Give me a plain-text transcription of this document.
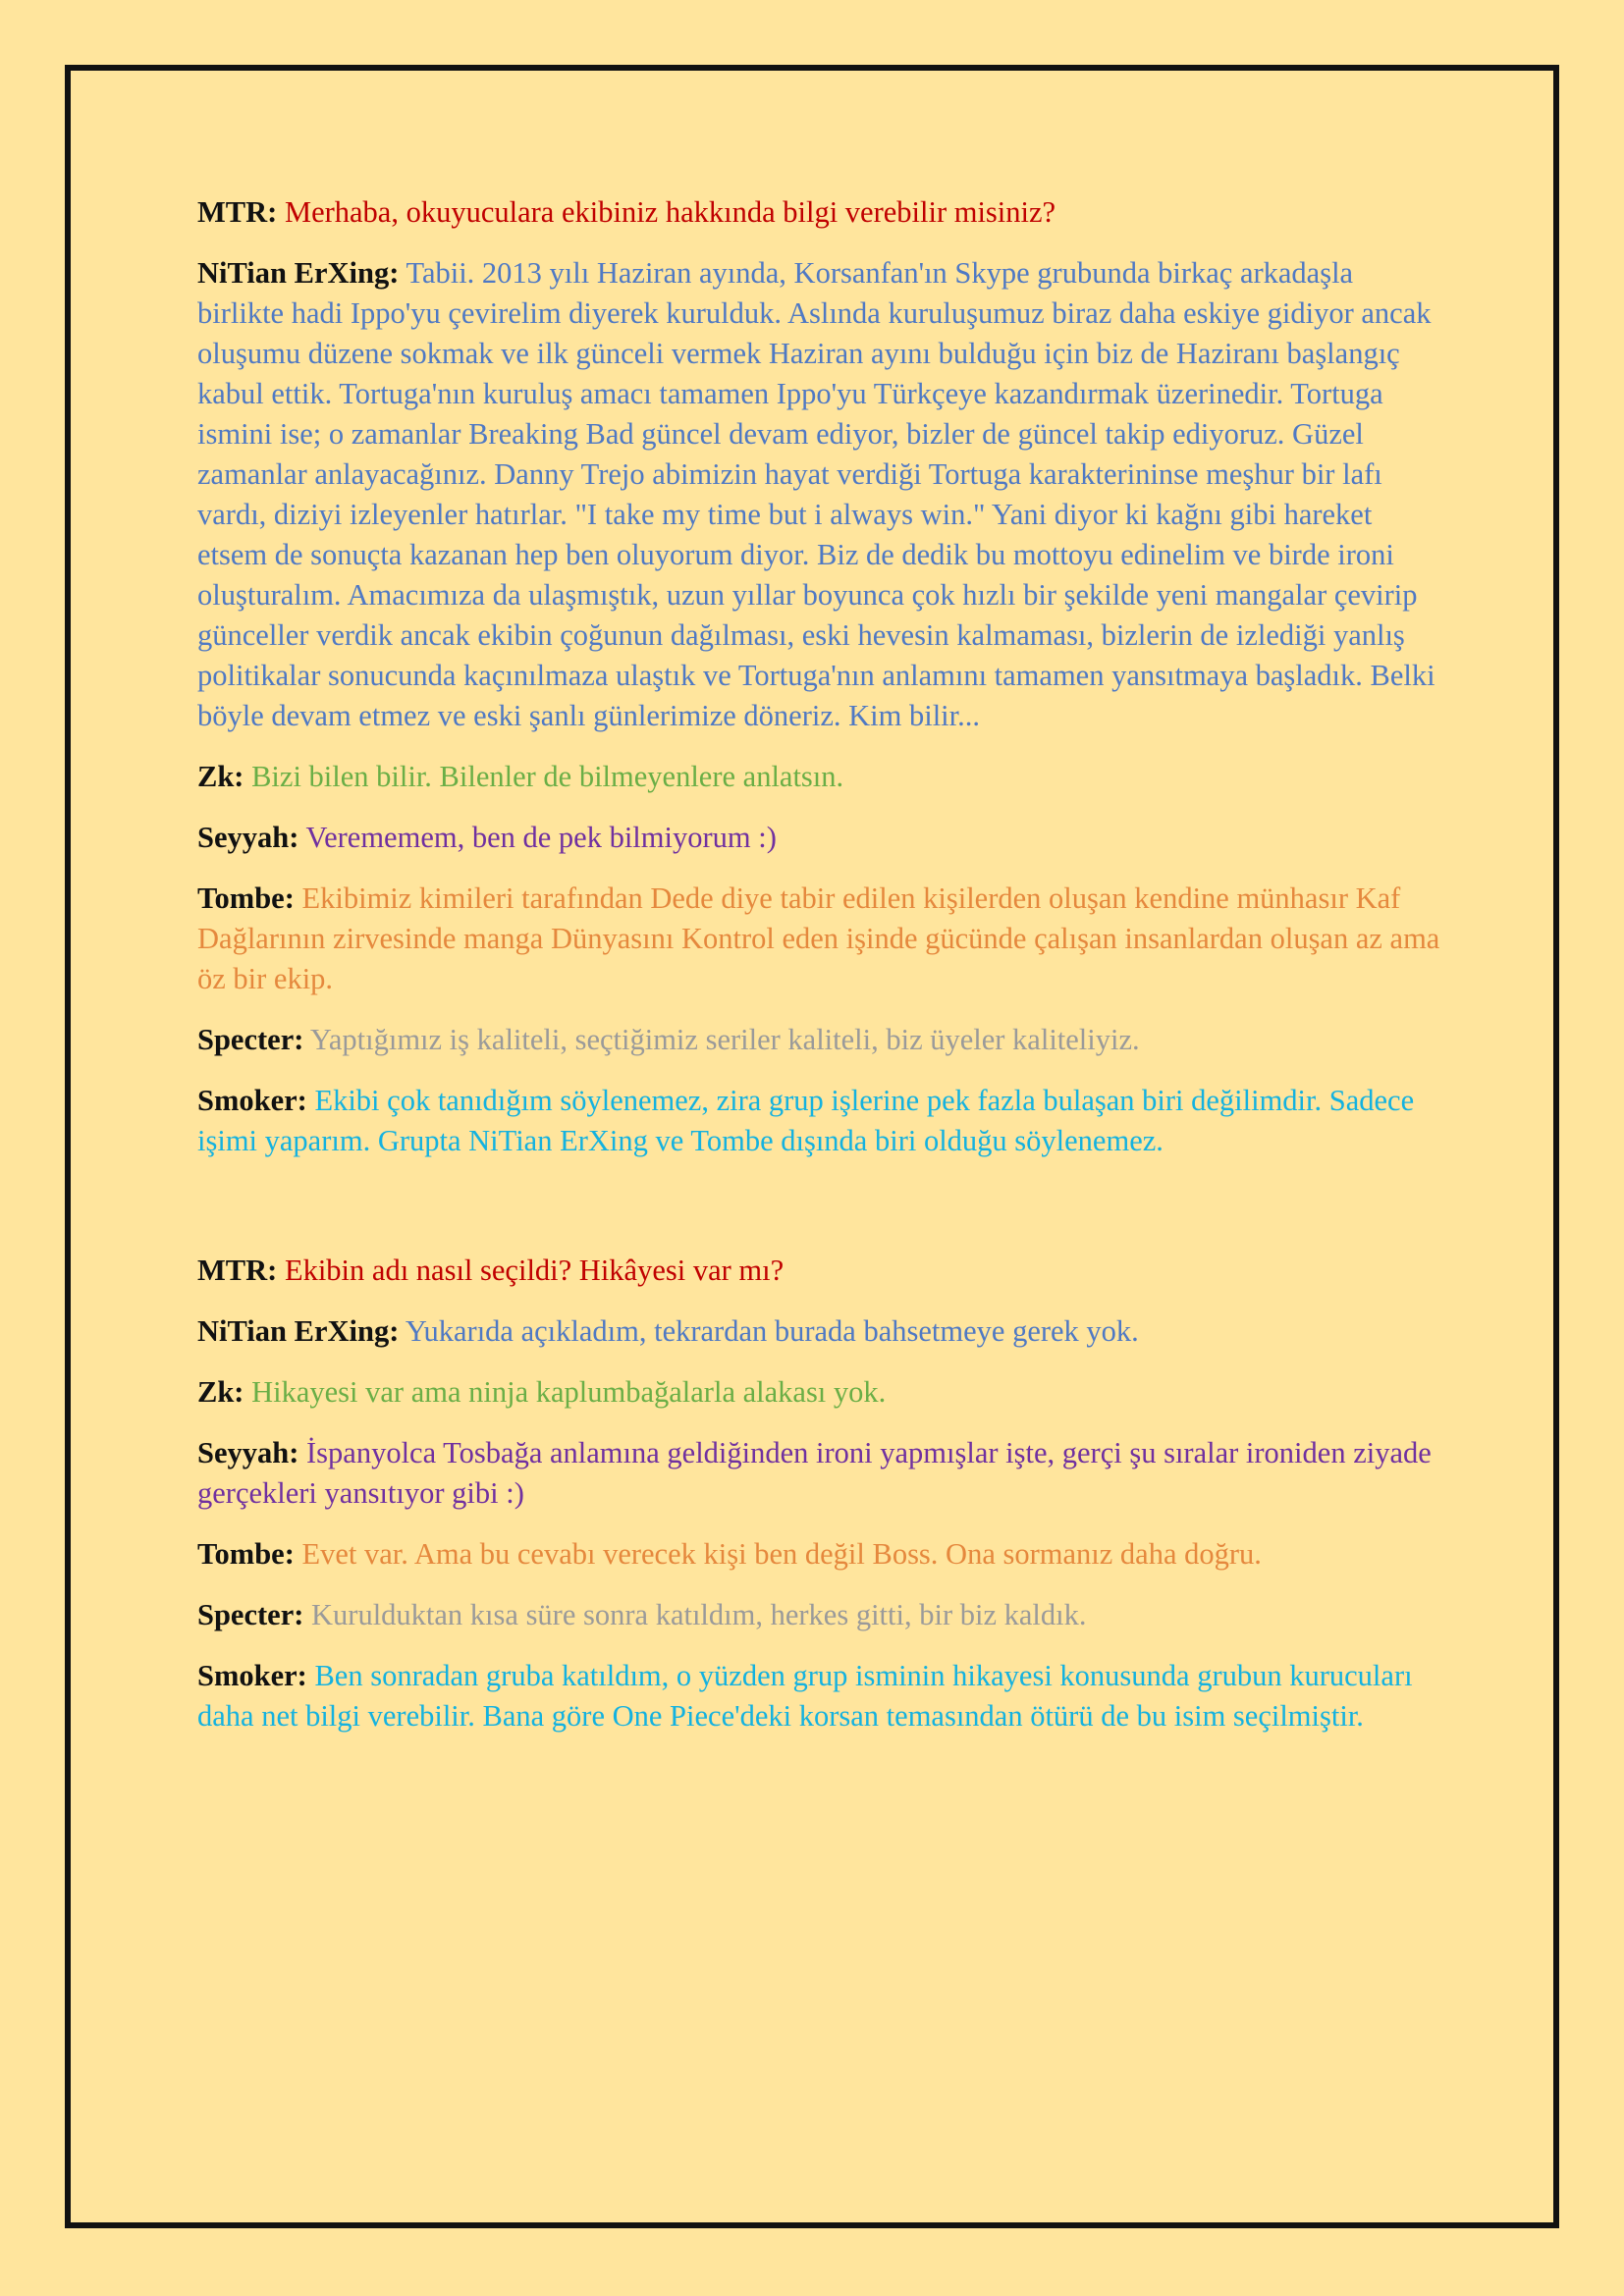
MTR: Merhaba, okuyuculara ekibiniz hakkında bilgi verebilir misiniz?

NiTian ErXing: Tabii. 2013 yılı Haziran ayında, Korsanfan'ın Skype grubunda birkaç arkadaşla birlikte hadi Ippo'yu çevirelim diyerek kurulduk. Aslında kuruluşumuz biraz daha eskiye gidiyor ancak oluşumu düzene sokmak ve ilk günceli vermek Haziran ayını bulduğu için biz de Haziranı başlangıç kabul ettik. Tortuga'nın kuruluş amacı tamamen Ippo'yu Türkçeye kazandırmak üzerinedir. Tortuga ismini ise; o zamanlar Breaking Bad güncel devam ediyor, bizler de güncel takip ediyoruz. Güzel zamanlar anlayacağınız. Danny Trejo abimizin hayat verdiği Tortuga karakterininse meşhur bir lafı vardı, diziyi izleyenler hatırlar. "I take my time but i always win." Yani diyor ki kağnı gibi hareket etsem de sonuçta kazanan hep ben oluyorum diyor. Biz de dedik bu mottoyu edinelim ve birde ironi oluşturalım. Amacımıza da ulaşmıştık, uzun yıllar boyunca çok hızlı bir şekilde yeni mangalar çevirip günceller verdik ancak ekibin çoğunun dağılması, eski hevesin kalmaması, bizlerin de izlediği yanlış politikalar sonucunda kaçınılmaza ulaştık ve Tortuga'nın anlamını tamamen yansıtmaya başladık. Belki böyle devam etmez ve eski şanlı günlerimize döneriz. Kim bilir...

Zk: Bizi bilen bilir. Bilenler de bilmeyenlere anlatsın.

Seyyah: Verememem, ben de pek bilmiyorum :)

Tombe: Ekibimiz kimileri tarafından Dede diye tabir edilen kişilerden oluşan kendine münhasır Kaf Dağlarının zirvesinde manga Dünyasını Kontrol eden işinde gücünde çalışan insanlardan oluşan az ama öz bir ekip.

Specter: Yaptığımız iş kaliteli, seçtiğimiz seriler kaliteli, biz üyeler kaliteliyiz.

Smoker: Ekibi çok tanıdığım söylenemez, zira grup işlerine pek fazla bulaşan biri değilimdir. Sadece işimi yaparım. Grupta NiTian ErXing ve Tombe dışında biri olduğu söylenemez.

MTR: Ekibin adı nasıl seçildi? Hikâyesi var mı?

NiTian ErXing: Yukarıda açıkladım, tekrardan burada bahsetmeye gerek yok.

Zk: Hikayesi var ama ninja kaplumbağalarla alakası yok.

Seyyah: İspanyolca Tosbağa anlamına geldiğinden ironi yapmışlar işte, gerçi şu sıralar ironiden ziyade gerçekleri yansıtıyor gibi :)

Tombe: Evet var. Ama bu cevabı verecek kişi ben değil Boss. Ona sormanız daha doğru.

Specter: Kurulduktan kısa süre sonra katıldım, herkes gitti, bir biz kaldık.

Smoker: Ben sonradan gruba katıldım, o yüzden grup isminin hikayesi konusunda grubun kurucuları daha net bilgi verebilir. Bana göre One Piece'deki korsan temasından ötürü de bu isim seçilmiştir.
